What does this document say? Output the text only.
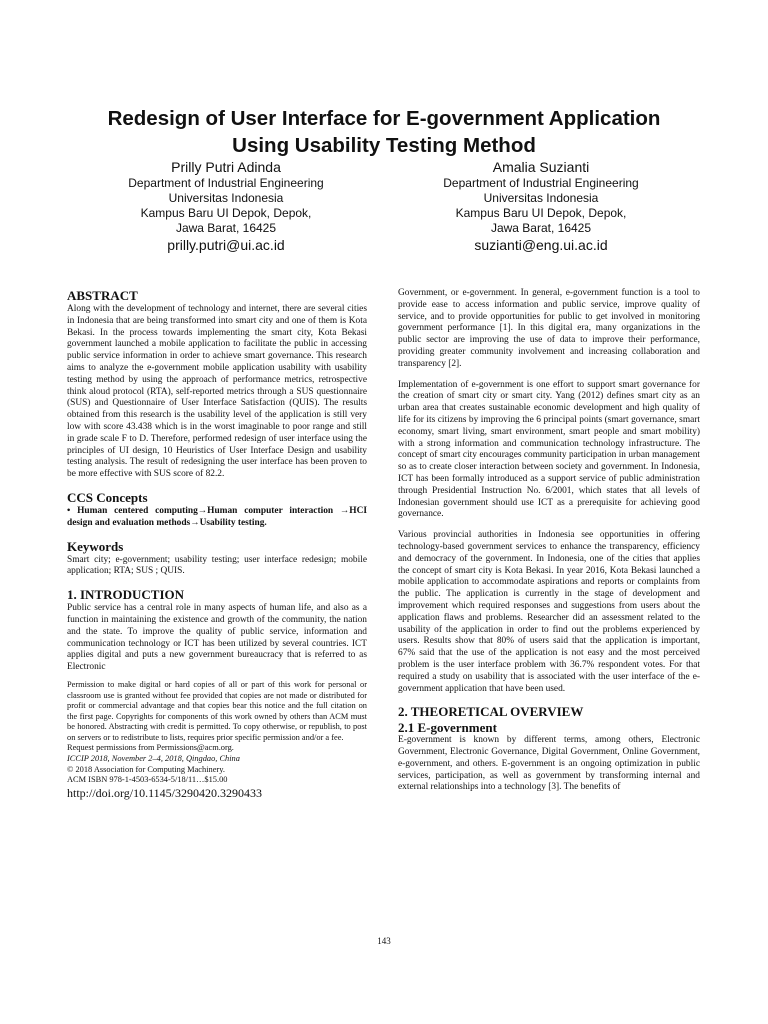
Redesign of User Interface for E-government Application
Using Usability Testing Method
Prilly Putri Adinda
Department of Industrial Engineering
Universitas Indonesia
Kampus Baru UI Depok, Depok,
Jawa Barat, 16425
prilly.putri@ui.ac.id
Amalia Suzianti
Department of Industrial Engineering
Universitas Indonesia
Kampus Baru UI Depok, Depok,
Jawa Barat, 16425
suzianti@eng.ui.ac.id
ABSTRACT

Along with the development of technology and internet, there are several cities in Indonesia that are being transformed into smart city and one of them is Kota Bekasi. In the process towards implementing the smart city, Kota Bekasi government launched a mobile application to facilitate the public in accessing public service information in order to achieve smart governance. This research aims to analyze the e-government mobile application usability with usability testing method by using the approach of performance metrics, retrospective think aloud protocol (RTA), self-reported metrics through a SUS questionnaire (SUS) and Questionnaire of User Interface Satisfaction (QUIS). The results obtained from this research is the usability level of the application is still very low with score 43.438 which is in the worst imaginable to poor range and still in grade scale F to D. Therefore, performed redesign of user interface using the principles of UI design, 10 Heuristics of User Interface Design and usability testing analysis. The result of redesigning the user interface has been proven to be more effective with SUS score of 82.2.

CCS Concepts

• Human centered computing→Human computer interaction →HCI design and evaluation methods→Usability testing.

Keywords

Smart city; e-government; usability testing; user interface redesign; mobile application; RTA; SUS ; QUIS.

1. INTRODUCTION

Public service has a central role in many aspects of human life, and also as a function in maintaining the existence and growth of the community, the nation and the state. To improve the quality of public service, information and communication technology or ICT has been utilized by several countries. ICT applies digital and puts a new government bureaucracy that is referred to as Electronic

Permission to make digital or hard copies of all or part of this work for personal or classroom use is granted without fee provided that copies are not made or distributed for profit or commercial advantage and that copies bear this notice and the full citation on the first page. Copyrights for components of this work owned by others than ACM must be honored. Abstracting with credit is permitted. To copy otherwise, or republish, to post on servers or to redistribute to lists, requires prior specific permission and/or a fee.

Request permissions from Permissions@acm.org.
ICCIP 2018, November 2–4, 2018, Qingdao, China
© 2018 Association for Computing Machinery.
ACM ISBN 978-1-4503-6534-5/18/11…$15.00
http://doi.org/10.1145/3290420.3290433

Government, or e-government. In general, e-government function is a tool to provide ease to access information and public service, improve quality of service, and to provide opportunities for public to get involved in monitoring government performance [1]. In this digital era, many organizations in the public sector are improving the use of data to improve their performance, providing greater community involvement and increasing collaboration and transparency [2].

Implementation of e-government is one effort to support smart governance for the creation of smart city or smart city. Yang (2012) defines smart city as an urban area that creates sustainable economic development and high quality of life for its citizens by improving the 6 principal points (smart governance, smart economy, smart living, smart environment, smart people and smart mobility) with a strong information and communication technology infrastructure. The concept of smart city encourages community participation in urban management so as to create closer interaction between society and government. In Indonesia, ICT has been formally introduced as a support service of public administration through Presidential Instruction No. 6/2001, which states that all levels of Indonesian government should use ICT as a prerequisite for achieving good governance.

Various provincial authorities in Indonesia see opportunities in offering technology-based government services to enhance the transparency, efficiency and democracy of the government. In Indonesia, one of the cities that applies the concept of smart city is Kota Bekasi. In year 2016, Kota Bekasi launched a mobile application to accommodate aspirations and reports or complaints from the public. The application is currently in the stage of development and improvement which required responses and suggestions from users about the application flaws and problems. Researcher did an assessment related to the usability of the application in order to find out the problems experienced by users. Results show that 80% of users said that the application is important, 67% said that the use of the application is not easy and the most perceived problem is the user interface problem with 36.7% respondent votes. For that required a study on usability that is associated with the user interface of the e-government application that have been used.

2. THEORETICAL OVERVIEW
2.1 E-government

E-government is known by different terms, among others, Electronic Government, Electronic Governance, Digital Government, Online Government, e-government, and others. E-government is an ongoing optimization in public services, participation, as well as government by transforming internal and external relationships into a technology [3]. The benefits of

143
